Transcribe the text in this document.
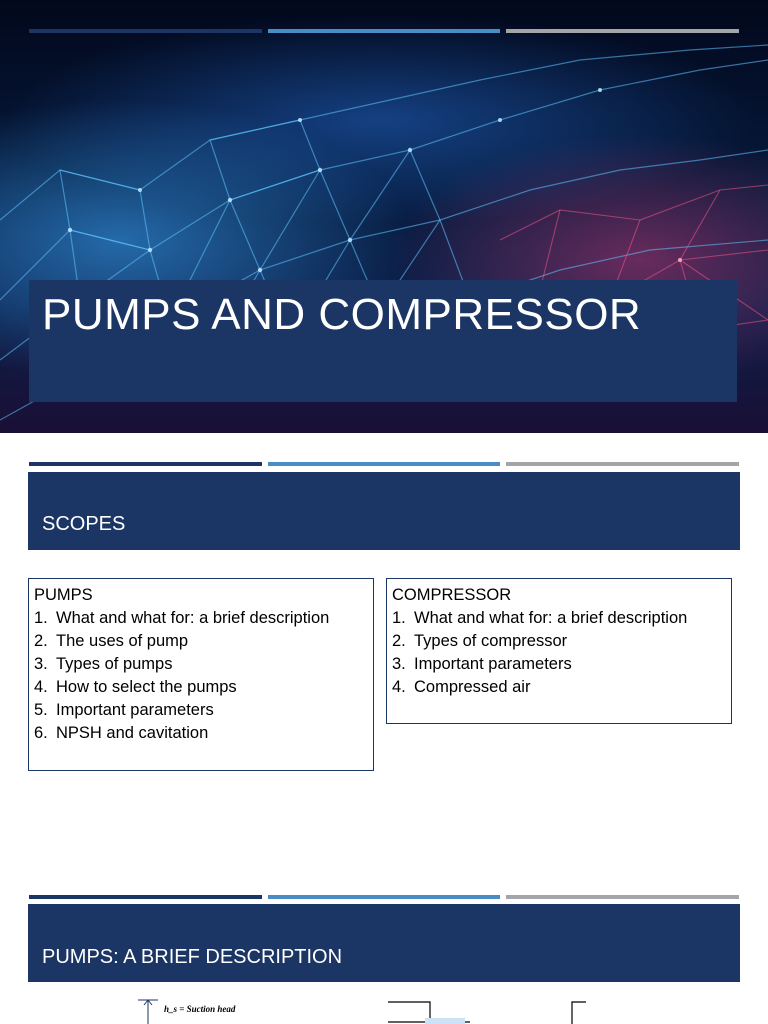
PUMPS AND COMPRESSOR
SCOPES
PUMPS
1. What and what for: a brief description
2. The uses of pump
3. Types of pumps
4. How to select the pumps
5. Important parameters
6. NPSH and cavitation
COMPRESSOR
1. What and what for: a brief description
2. Types of compressor
3. Important parameters
4. Compressed air
PUMPS: A BRIEF DESCRIPTION
h_s = Suction head
